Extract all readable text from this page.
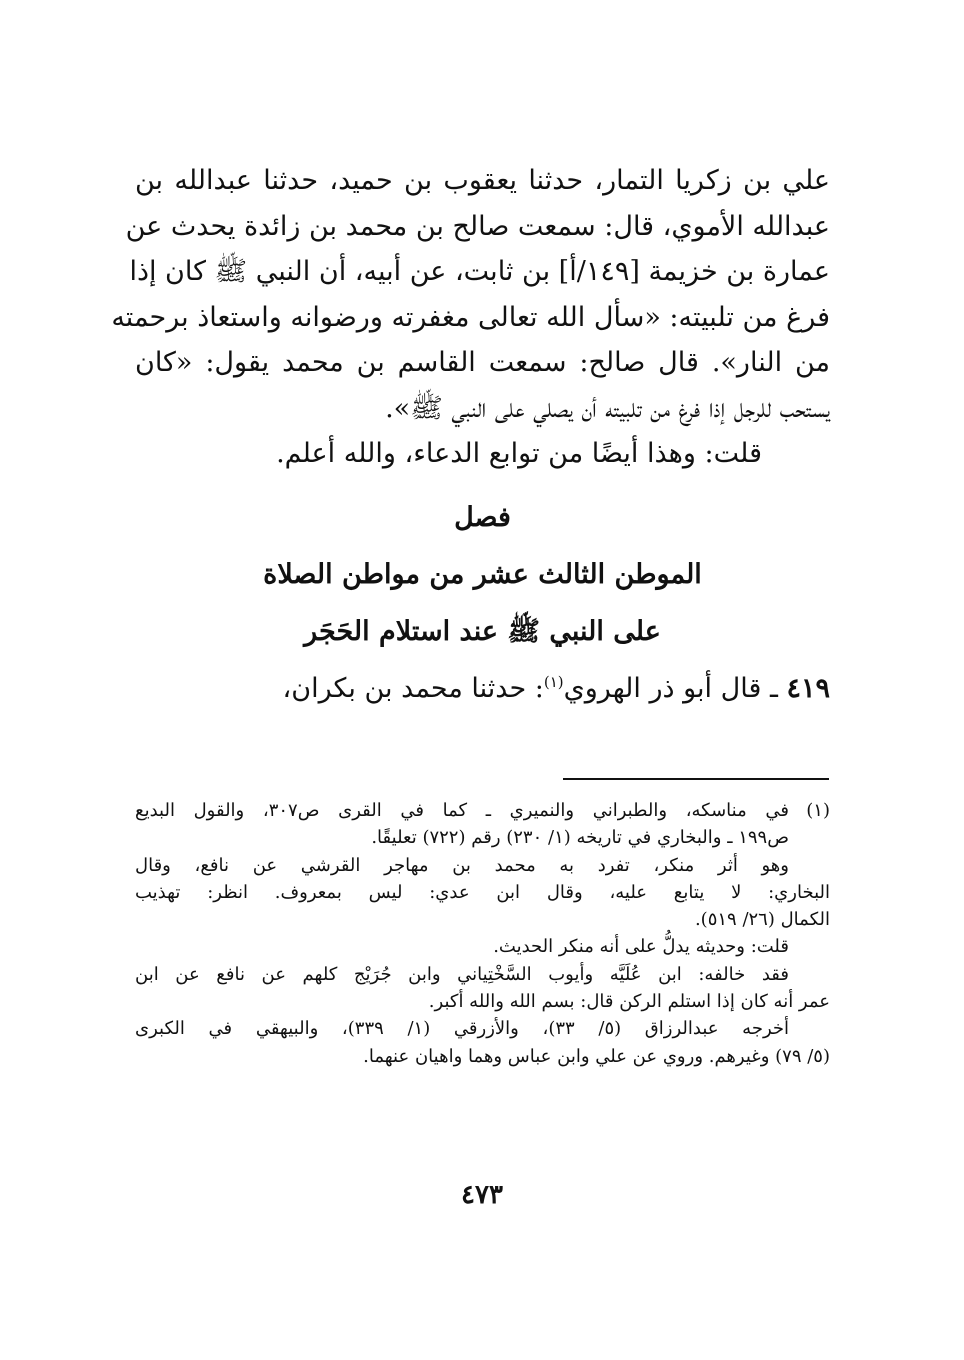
علي بن زكريا التمار، حدثنا يعقوب بن حميد، حدثنا عبدالله بن
عبدالله الأموي، قال: سمعت صالح بن محمد بن زائدة يحدث عن
عمارة بن خزيمة [١٤٩/أ] بن ثابت، عن أبيه، أن النبي ﷺ كان إذا
فرغ من تلبيته: «سأل الله تعالى مغفرته ورضوانه واستعاذ برحمته
من النار». قال صالح: سمعت القاسم بن محمد يقول: «كان
يستحب للرجل إذا فرغ من تلبيته أن يصلي على النبي ﷺ».
قلت: وهذا أيضًا من توابع الدعاء، والله أعلم.
فصل
الموطن الثالث عشر من مواطن الصلاة
على النبي ﷺ عند استلام الحَجَر
٤١٩ ـ قال أبو ذر الهروي$^{(١)}$: حدثنا محمد بن بكران،
(١)
في مناسكه، والطبراني والنميري ـ كما في القرى ص٣٠٧، والقول البديع
ص١٩٩ ـ والبخاري في تاريخه (١/ ٢٣٠) رقم (٧٢٢) تعليقًا.
وهو أثر منكر، تفرد به محمد بن مهاجر القرشي عن نافع، وقال
البخاري: لا يتابع عليه، وقال ابن عدي: ليس بمعروف. انظر: تهذيب
الكمال (٢٦/ ٥١٩).
قلت: وحديثه يدلُّ على أنه منكر الحديث.
فقد خالفه: ابن عُلَيَّه وأيوب السَّخْتِياني وابن جُرَيْج كلهم عن نافع عن ابن
عمر أنه كان إذا استلم الركن قال: بسم الله والله أكبر.
أخرجه عبدالرزاق (٥/ ٣٣)، والأزرقي (١/ ٣٣٩)، والبيهقي في الكبرى
(٥/ ٧٩) وغيرهم. وروي عن علي وابن عباس وهما واهيان عنهما.
٤٧٣
